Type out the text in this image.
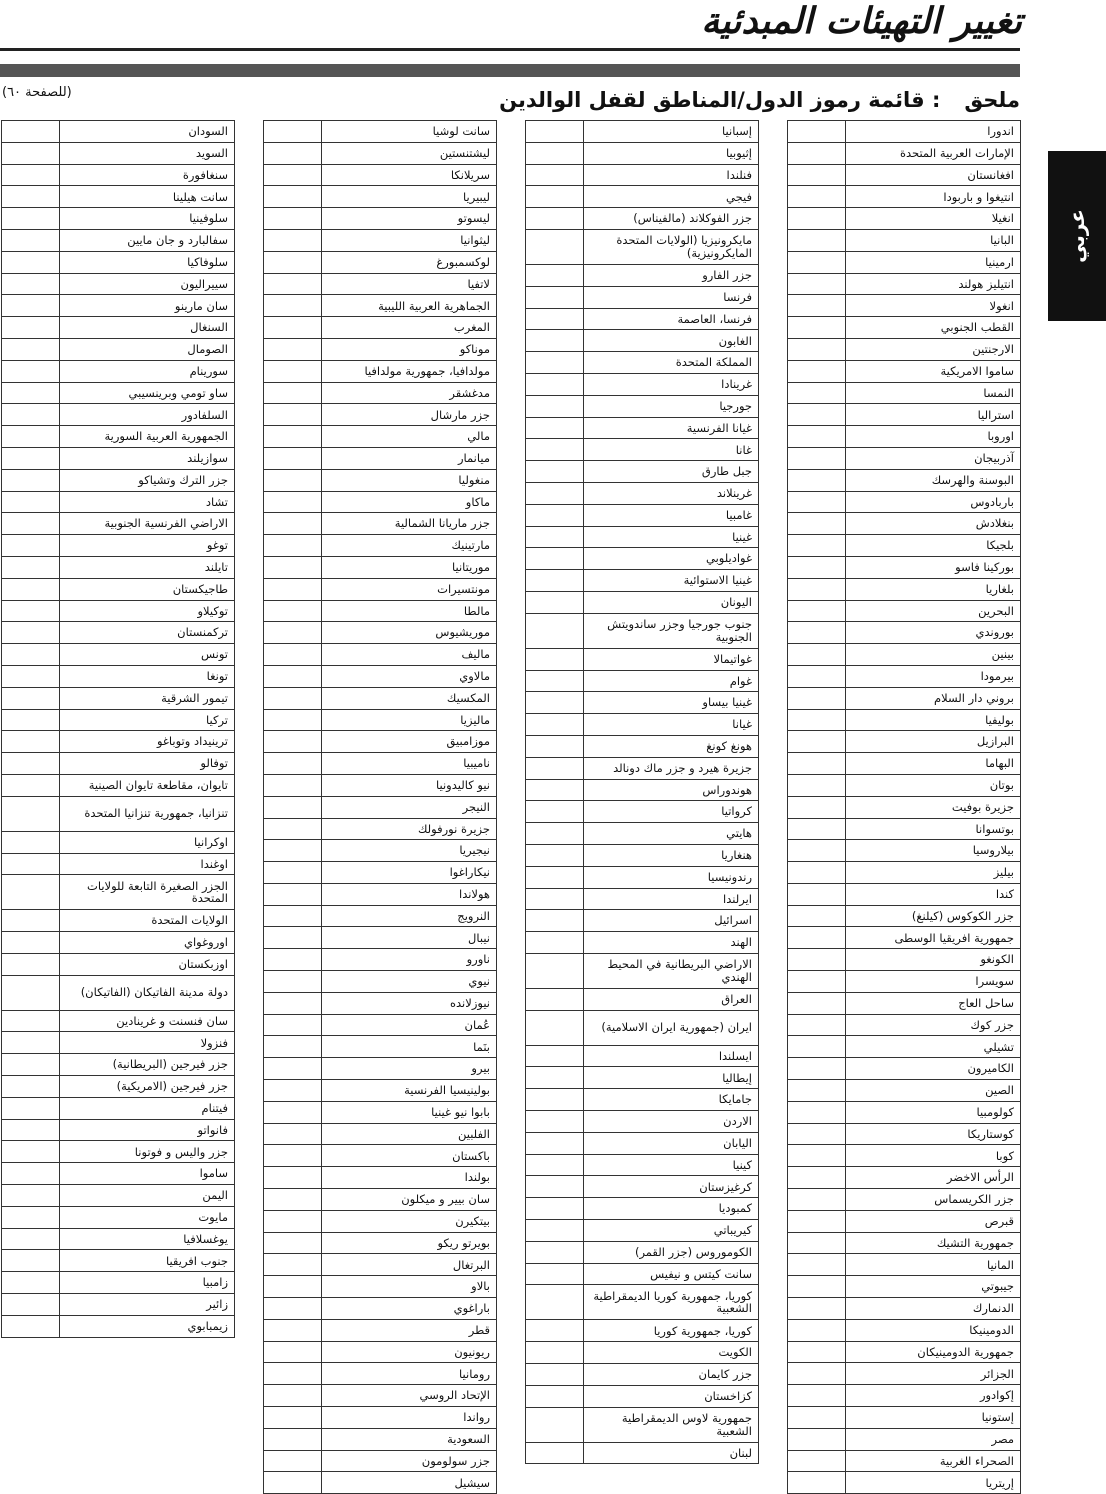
تغيير التهيئات المبدئية
عربي
ملحق: قائمة رموز الدول/المناطق لقفل الوالدين
(للصفحة ٦٠)
اندورا	
الإمارات العربية المتحدة	
افغانستان	
انتيغوا و باربودا	
انغيلا	
البانيا	
ارمينيا	
انتيليز هولند	
انغولا	
القطب الجنوبي	
الارجنتين	
ساموا الامريكية	
النمسا	
استراليا	
اوروبا	
آذربيجان	
البوسنة والهرسك	
باربادوس	
بنغلادش	
بلجيكا	
بوركينا فاسو	
بلغاريا	
البحرين	
بوروندي	
بينين	
بيرمودا	
بروني دار السلام	
بوليفيا	
البرازيل	
البهاما	
بوتان	
جزيرة بوفيت	
بوتسوانا	
بيلاروسيا	
بيليز	
كندا	
جزر الكوكوس (كيلنغ)	
جمهورية افريقيا الوسطى	
الكونغو	
سويسرا	
ساحل العاج	
جزر كوك	
تشيلي	
الكاميرون	
الصين	
كولومبيا	
كوستاريكا	
كوبا	
الرأس الاخضر	
جزر الكريسماس	
قبرص	
جمهورية التشيك	
المانيا	
جيبوتي	
الدنمارك	
الدومينيكا	
جمهورية الدومينيكان	
الجزائر	
إكوادور	
إستونيا	
مصر	
الصحراء الغربية	
إريتريا	
إسبانيا	
إثيوبيا	
فنلندا	
فيجي	
جزر الفوكلاند (مالفيناس)	
مايكرونيزيا (الولايات المتحدة المايكرونيزية)	
جزر الفارو	
فرنسا	
فرنسا، العاصمة	
الغابون	
المملكة المتحدة	
غرينادا	
جورجيا	
غيانا الفرنسية	
غانا	
جبل طارق	
غرينلاند	
غامبيا	
غينيا	
غواديلوبي	
غينيا الاستوائية	
اليونان	
جنوب جورجيا وجزر ساندويتش الجنوبية	
غواتيمالا	
غوام	
غينيا بيساو	
غيانا	
هونغ كونغ	
جزيرة هيرد و جزر ماك دونالد	
هوندوراس	
كرواتيا	
هايتي	
هنغاريا	
رندونيسيا	
ايرلندا	
اسرائيل	
الهند	
الاراضي البريطانية في المحيط الهندي	
العراق	
ايران (جمهورية ايران الاسلامية)	
ايسلندا	
إيطاليا	
جامايكا	
الاردن	
اليابان	
كينيا	
كرغيزستان	
كمبوديا	
كيريباتي	
الكوموروس (جزر القمر)	
سانت كيتس و نيفيس	
كوريا، جمهورية كوريا الديمقراطية الشعبية	
كوريا، جمهورية كوريا	
الكويت	
جزر كايمان	
كزاخستان	
جمهورية لاوس الديمقراطية الشعبية	
لبنان	
سانت لوشيا	
ليشتنستين	
سريلانكا	
ليبيريا	
ليسوتو	
ليثوانيا	
لوكسمبورغ	
لاتفيا	
الجماهرية العربية الليبية	
المغرب	
موناكو	
مولدافيا، جمهورية مولدافيا	
مدغشقر	
جزر مارشال	
مالي	
ميانمار	
منغوليا	
ماكاو	
جزر ماريانا الشمالية	
مارتينيك	
موريتانيا	
مونتسيرات	
مالطا	
موريشيوس	
ماليف	
مالاوي	
المكسيك	
ماليزيا	
موزامبيق	
ناميبيا	
نيو كاليدونيا	
النيجر	
جزيرة نورفولك	
نيجيريا	
نيكاراغوا	
هولاندا	
النرويج	
نيبال	
ناورو	
نيوي	
نيوزلانده	
عُمان	
بنَما	
بيرو	
بولينيسيا الفرنسية	
بابوا نيو غينيا	
الفلبين	
باكستان	
بولندا	
سان بيير و ميكلون	
بيتكيرن	
بويرتو ريكو	
البرتغال	
بالاو	
باراغوي	
قطر	
ريونيون	
رومانيا	
الإتحاد الروسي	
رواندا	
السعودية	
جزر سولومون	
سيشيل	
السودان	
السويد	
سنغافورة	
سانت هيلينا	
سلوفينيا	
سفالبارد و جان مايين	
سلوفاكيا	
سييراليون	
سان مارينو	
السنغال	
الصومال	
سورينام	
ساو تومي وبرينسيبي	
السلفادور	
الجمهورية العربية السورية	
سوازيلند	
جزر الترك وتشياكو	
تشاد	
الاراضي الفرنسية الجنوبية	
توغو	
تايلند	
طاجيكستان	
توكيلاو	
تركمنستان	
تونس	
تونغا	
تيمور الشرقية	
تركيا	
ترينيداد وتوباغو	
توفالو	
تايوان، مقاطعة تايوان الصينية	
تنزانيا، جمهورية تنزانيا المتحدة	
اوكرانيا	
اوغندا	
الجزر الصغيرة التابعة للولايات المتحدة	
الولايات المتحدة	
اوروغواي	
اوزبكستان	
دولة مدينة الفاتيكان (الفاتيكان)	
سان فنسنت و غرينادين	
فنزولا	
جزر فيرجين (البريطانية)	
جزر فيرجين (الامريكية)	
فيتنام	
فانواتو	
جزر واليس و فوتونا	
ساموا	
اليمن	
مايوت	
يوغسلافيا	
جنوب افريقيا	
زامبيا	
زائير	
زيمبابوي	
